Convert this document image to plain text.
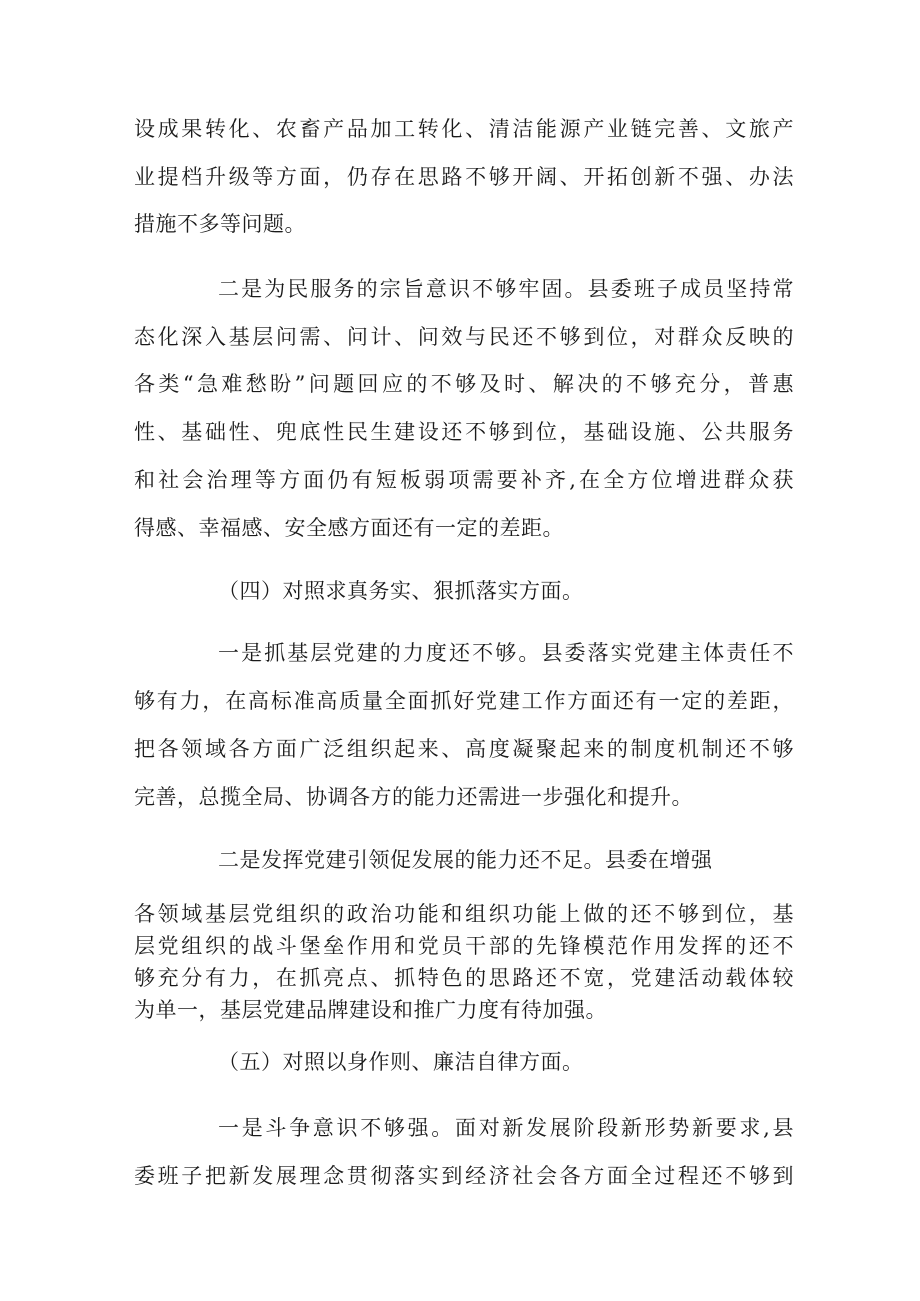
设成果转化、农畜产品加工转化、清洁能源产业链完善、文旅产
业提档升级等方面，仍存在思路不够开阔、开拓创新不强、办法
措施不多等问题。
二是为民服务的宗旨意识不够牢固。县委班子成员坚持常
态化深入基层问需、问计、问效与民还不够到位，对群众反映的
各类“急难愁盼”问题回应的不够及时、解决的不够充分，普惠
性、基础性、兜底性民生建设还不够到位，基础设施、公共服务
和社会治理等方面仍有短板弱项需要补齐,在全方位增进群众获
得感、幸福感、安全感方面还有一定的差距。
（四）对照求真务实、狠抓落实方面。
一是抓基层党建的力度还不够。县委落实党建主体责任不
够有力，在高标准高质量全面抓好党建工作方面还有一定的差距，
把各领域各方面广泛组织起来、高度凝聚起来的制度机制还不够
完善，总揽全局、协调各方的能力还需进一步强化和提升。
二是发挥党建引领促发展的能力还不足。县委在增强
各领域基层党组织的政治功能和组织功能上做的还不够到位，基
层党组织的战斗堡垒作用和党员干部的先锋模范作用发挥的还不
够充分有力，在抓亮点、抓特色的思路还不宽，党建活动载体较
为单一，基层党建品牌建设和推广力度有待加强。
（五）对照以身作则、廉洁自律方面。
一是斗争意识不够强。面对新发展阶段新形势新要求,县
委班子把新发展理念贯彻落实到经济社会各方面全过程还不够到
